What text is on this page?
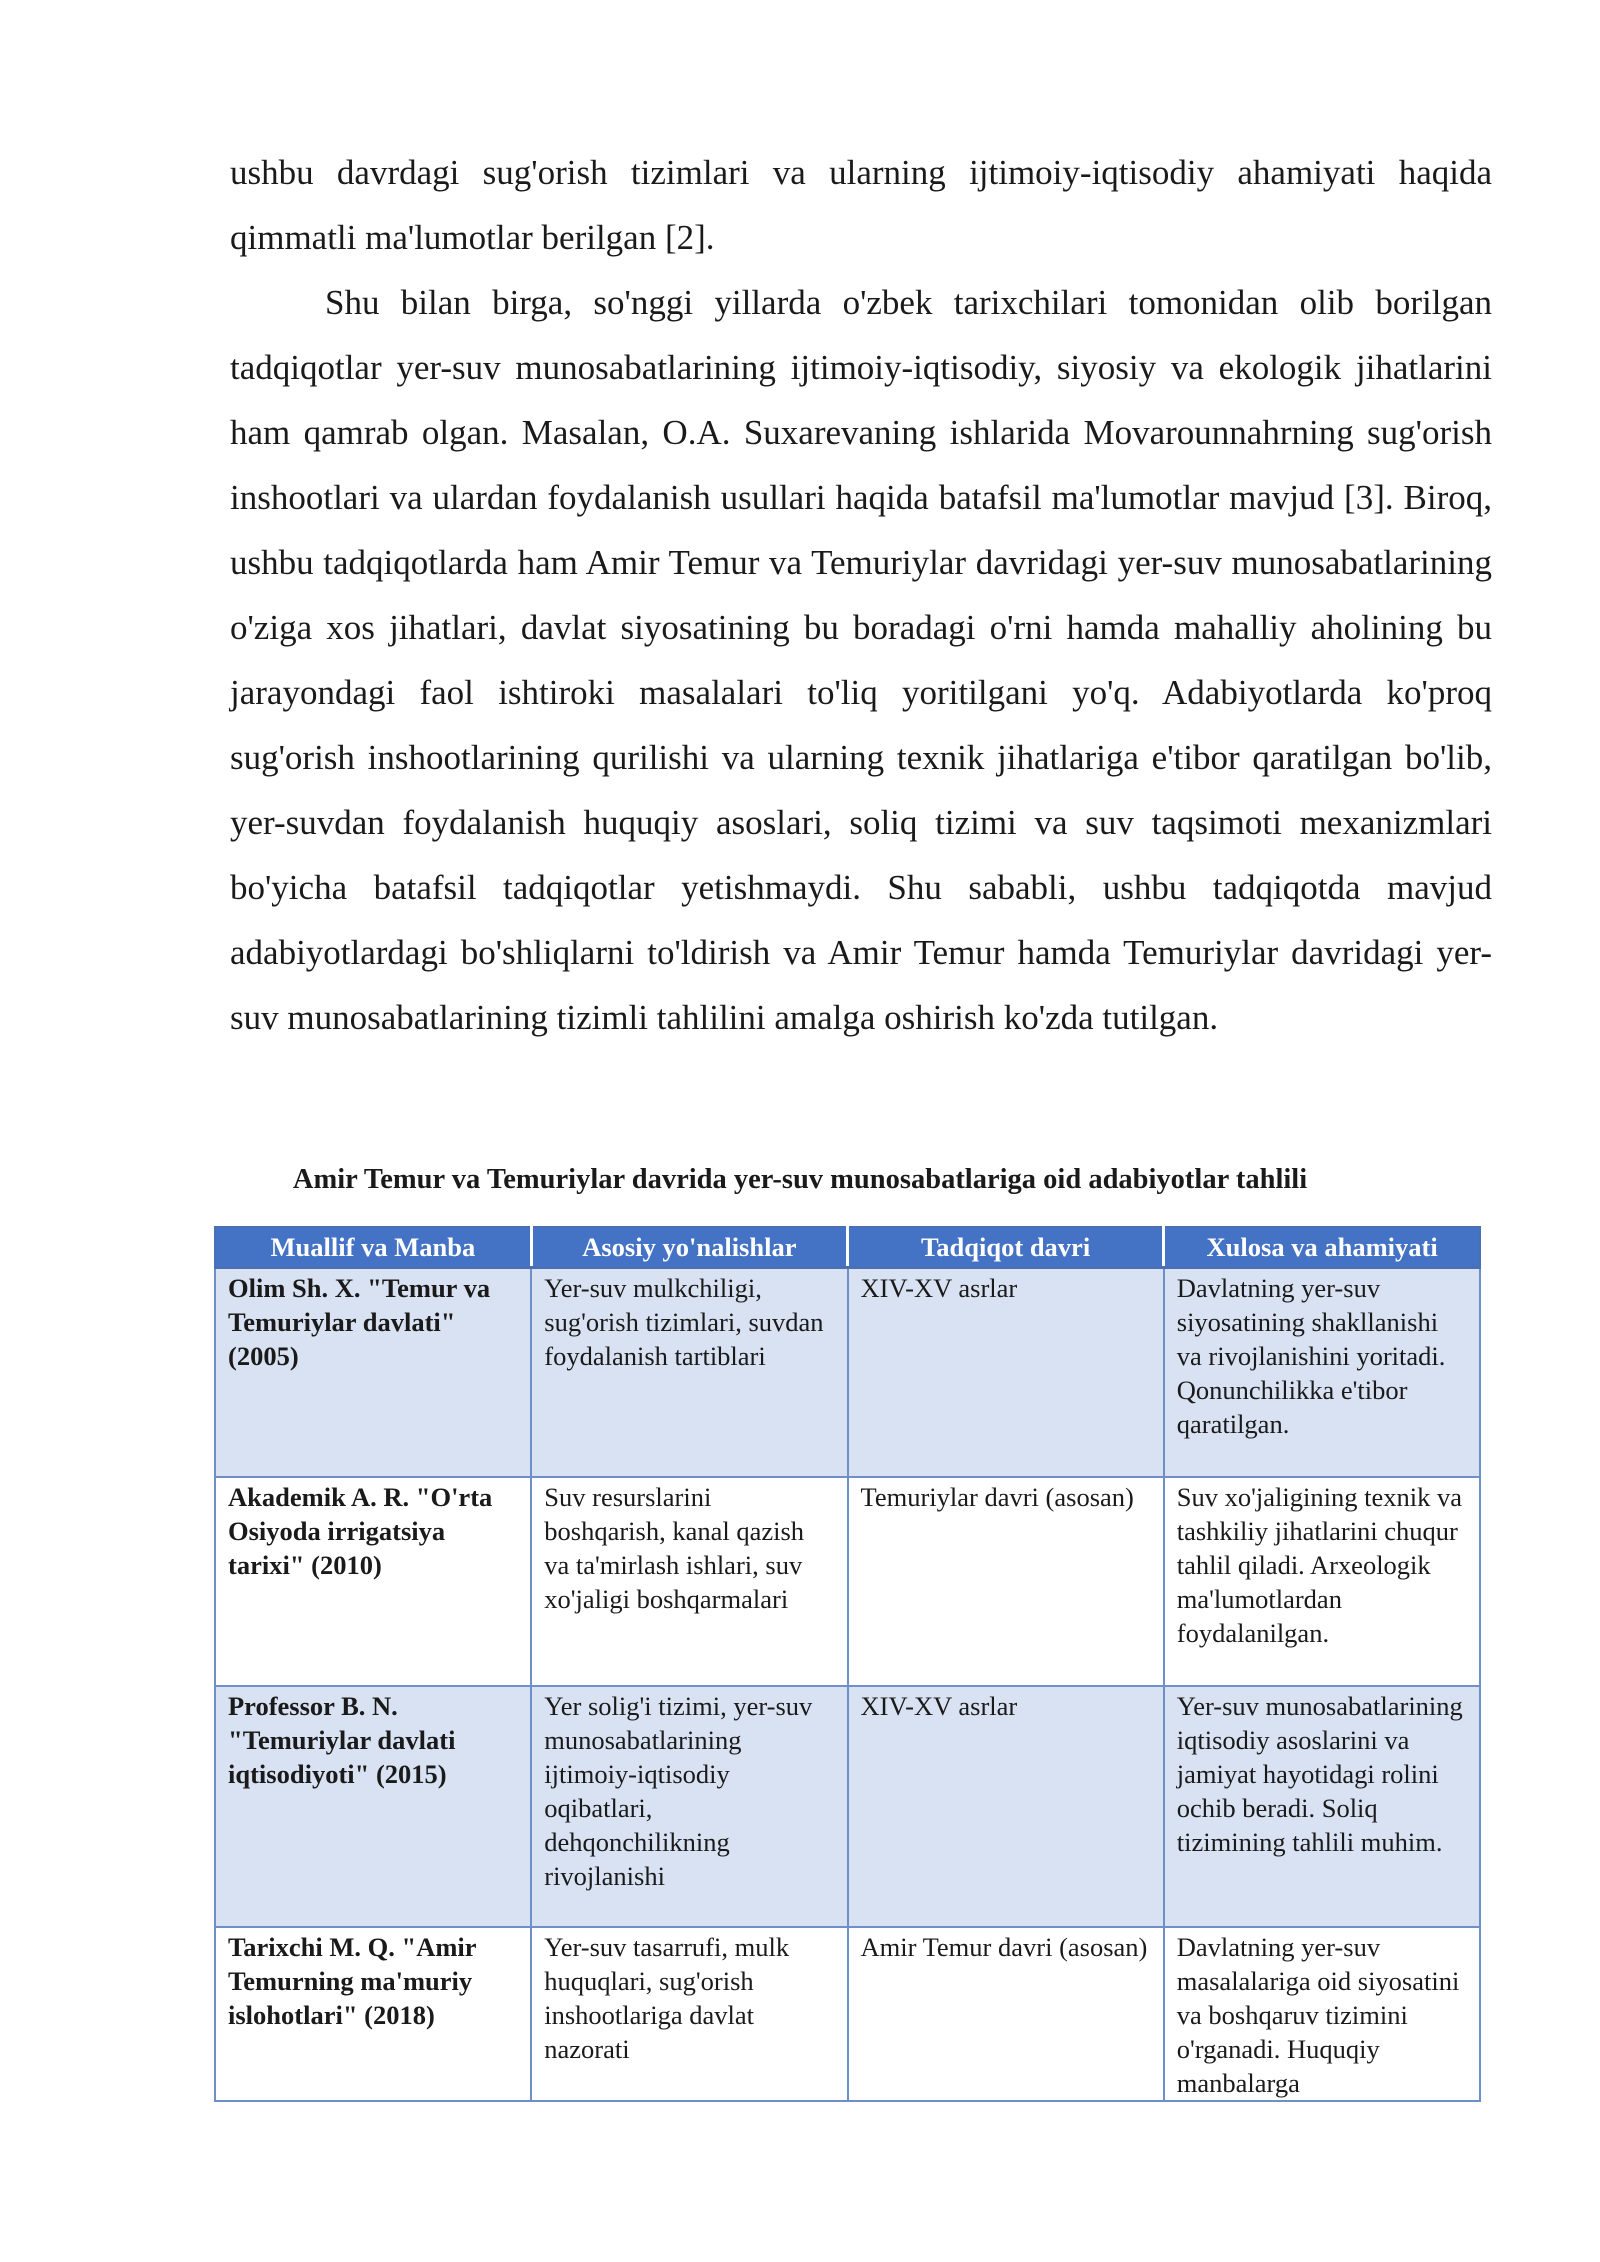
ushbu davrdagi sug'orish tizimlari va ularning ijtimoiy-iqtisodiy ahamiyati haqida qimmatli ma'lumotlar berilgan [2].

Shu bilan birga, so'nggi yillarda o'zbek tarixchilari tomonidan olib borilgan tadqiqotlar yer-suv munosabatlarining ijtimoiy-iqtisodiy, siyosiy va ekologik jihatlarini ham qamrab olgan. Masalan, O.A. Suxarevaning ishlarida Movarounnahrning sug'orish inshootlari va ulardan foydalanish usullari haqida batafsil ma'lumotlar mavjud [3]. Biroq, ushbu tadqiqotlarda ham Amir Temur va Temuriylar davridagi yer-suv munosabatlarining o'ziga xos jihatlari, davlat siyosatining bu boradagi o'rni hamda mahalliy aholining bu jarayondagi faol ishtiroki masalalari to'liq yoritilgani yo'q. Adabiyotlarda ko'proq sug'orish inshootlarining qurilishi va ularning texnik jihatlariga e'tibor qaratilgan bo'lib, yer-suvdan foydalanish huquqiy asoslari, soliq tizimi va suv taqsimoti mexanizmlari bo'yicha batafsil tadqiqotlar yetishmaydi. Shu sababli, ushbu tadqiqotda mavjud adabiyotlardagi bo'shliqlarni to'ldirish va Amir Temur hamda Temuriylar davridagi yer-suv munosabatlarining tizimli tahlilini amalga oshirish ko'zda tutilgan.

Amir Temur va Temuriylar davrida yer-suv munosabatlariga oid adabiyotlar tahlili
Muallif va Manba	Asosiy yo'nalishlar	Tadqiqot davri	Xulosa va ahamiyati
Olim Sh. X. "Temur va Temuriylar davlati" (2005)	Yer-suv mulkchiligi, sug'orish tizimlari, suvdan foydalanish tartiblari	XIV-XV asrlar	Davlatning yer-suv siyosatining shakllanishi va rivojlanishini yoritadi. Qonunchilikka e'tibor qaratilgan.
Akademik A. R. "O'rta Osiyoda irrigatsiya tarixi" (2010)	Suv resurslarini boshqarish, kanal qazish va ta'mirlash ishlari, suv xo'jaligi boshqarmalari	Temuriylar davri (asosan)	Suv xo'jaligining texnik va tashkiliy jihatlarini chuqur tahlil qiladi. Arxeologik ma'lumotlardan foydalanilgan.
Professor B. N. "Temuriylar davlati iqtisodiyoti" (2015)	Yer solig'i tizimi, yer-suv munosabatlarining ijtimoiy-iqtisodiy oqibatlari, dehqonchilikning rivojlanishi	XIV-XV asrlar	Yer-suv munosabatlarining iqtisodiy asoslarini va jamiyat hayotidagi rolini ochib beradi. Soliq tizimining tahlili muhim.
Tarixchi M. Q. "Amir Temurning ma'muriy islohotlari" (2018)	Yer-suv tasarrufi, mulk huquqlari, sug'orish inshootlariga davlat nazorati	Amir Temur davri (asosan)	Davlatning yer-suv masalalariga oid siyosatini va boshqaruv tizimini o'rganadi. Huquqiy manbalarga
